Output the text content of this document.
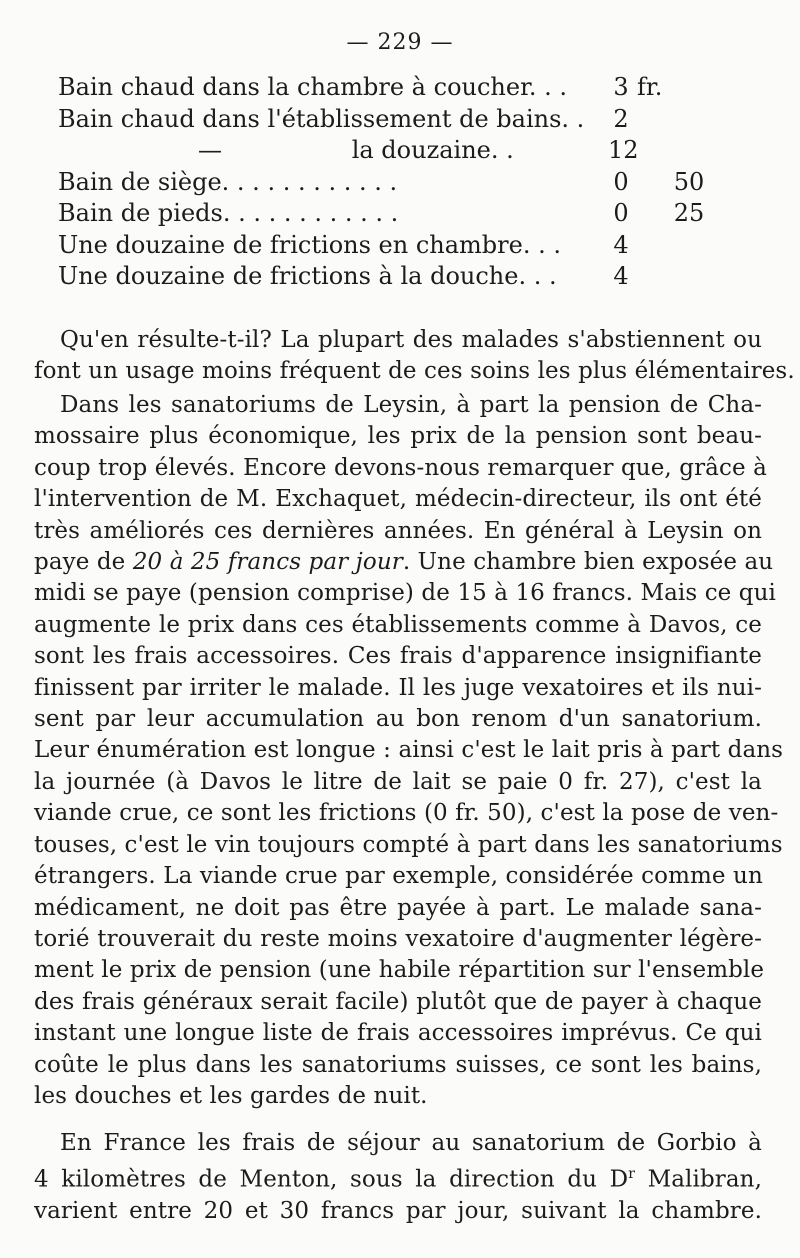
— 229 —
Bain chaud dans la chambre à coucher. . . 3 fr.
Bain chaud dans l'établissement de bains. . 2
—                 la douzaine. .	12
Bain de siège. . . . . . . . . . . .	0	50
Bain de pieds. . . . . . . . . . . .	0	25
Une douzaine de frictions en chambre. . . 4
Une douzaine de frictions à la douche. . . 4
Qu'en résulte-t-il? La plupart des malades s'abstiennent ou
font un usage moins fréquent de ces soins les plus élémentaires.
Dans les sanatoriums de Leysin, à part la pension de Cha-
mossaire plus économique, les prix de la pension sont beau-
coup trop élevés. Encore devons-nous remarquer que, grâce à
l'intervention de M. Exchaquet, médecin-directeur, ils ont été
très améliorés ces dernières années. En général à Leysin on
paye de 20 à 25 francs par jour. Une chambre bien exposée au
midi se paye (pension comprise) de 15 à 16 francs. Mais ce qui
augmente le prix dans ces établissements comme à Davos, ce
sont les frais accessoires. Ces frais d'apparence insignifiante
finissent par irriter le malade. Il les juge vexatoires et ils nui-
sent par leur accumulation au bon renom d'un sanatorium.
Leur énumération est longue : ainsi c'est le lait pris à part dans
la journée (à Davos le litre de lait se paie 0 fr. 27), c'est la
viande crue, ce sont les frictions (0 fr. 50), c'est la pose de ven-
touses, c'est le vin toujours compté à part dans les sanatoriums
étrangers. La viande crue par exemple, considérée comme un
médicament, ne doit pas être payée à part. Le malade sana-
torié trouverait du reste moins vexatoire d'augmenter légère-
ment le prix de pension (une habile répartition sur l'ensemble
des frais généraux serait facile) plutôt que de payer à chaque
instant une longue liste de frais accessoires imprévus. Ce qui
coûte le plus dans les sanatoriums suisses, ce sont les bains,
les douches et les gardes de nuit.
En France les frais de séjour au sanatorium de Gorbio à
4 kilomètres de Menton, sous la direction du $D^r$ Malibran,
varient entre 20 et 30 francs par jour, suivant la chambre.
